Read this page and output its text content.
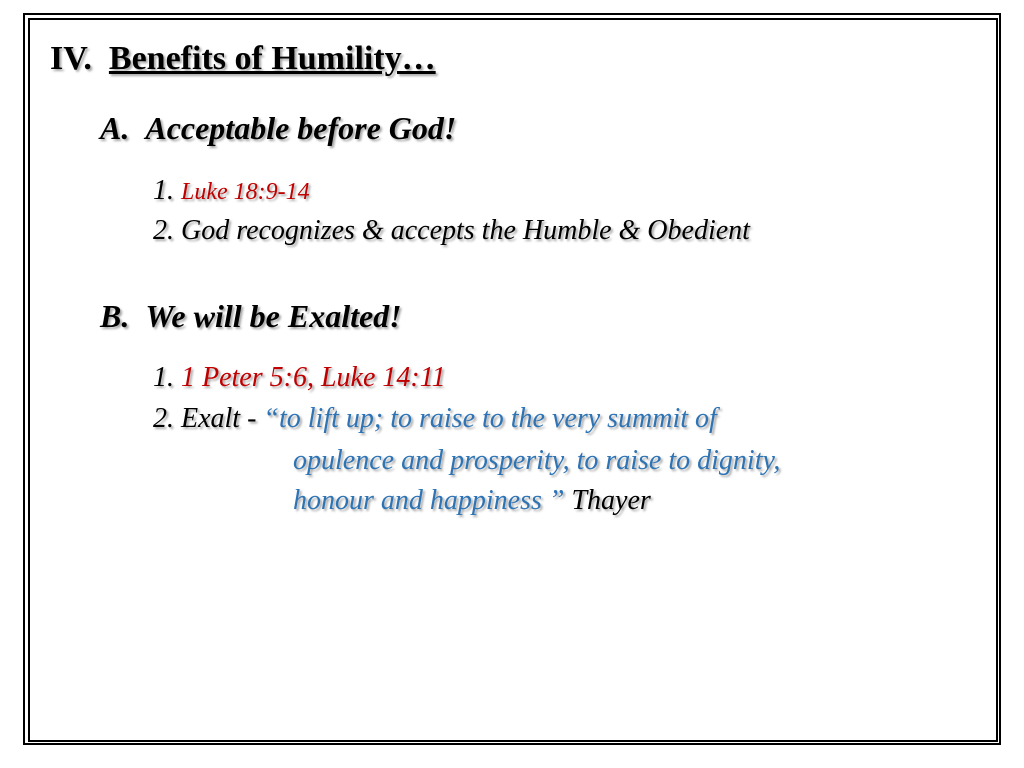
IV. Benefits of Humility…
A. Acceptable before God!
1. Luke 18:9-14
2. God recognizes & accepts the Humble & Obedient
B. We will be Exalted!
1. 1 Peter 5:6, Luke 14:11
2. Exalt - “to lift up; to raise to the very summit of
opulence and prosperity, to raise to dignity,
honour and happiness ” Thayer
